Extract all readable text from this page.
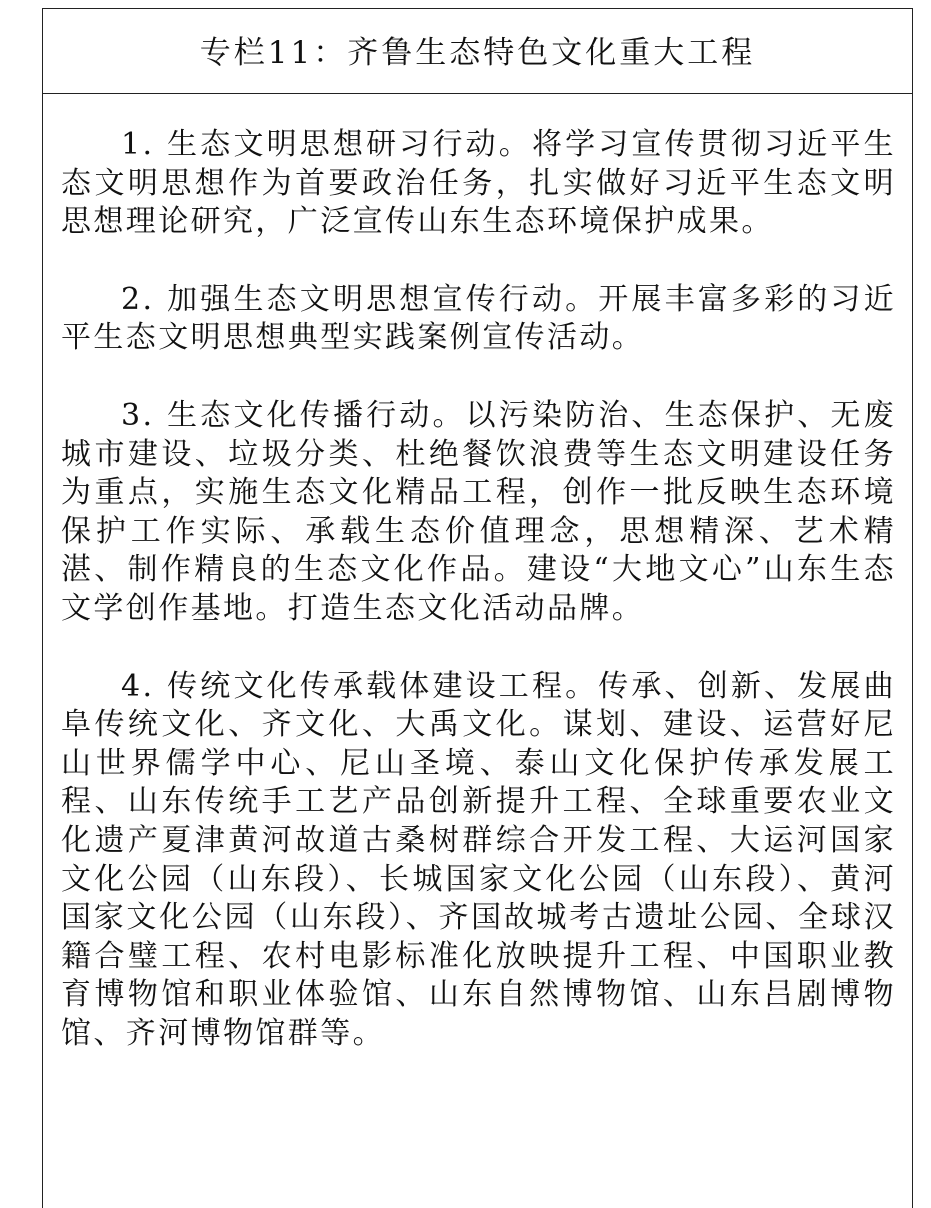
专栏11：齐鲁生态特色文化重大工程

1. 生态文明思想研习行动。将学习宣传贯彻习近平生态文明思想作为首要政治任务，扎实做好习近平生态文明思想理论研究，广泛宣传山东生态环境保护成果。

2. 加强生态文明思想宣传行动。开展丰富多彩的习近平生态文明思想典型实践案例宣传活动。

3. 生态文化传播行动。以污染防治、生态保护、无废城市建设、垃圾分类、杜绝餐饮浪费等生态文明建设任务为重点，实施生态文化精品工程，创作一批反映生态环境保护工作实际、承载生态价值理念，思想精深、艺术精湛、制作精良的生态文化作品。建设“大地文心”山东生态文学创作基地。打造生态文化活动品牌。

4. 传统文化传承载体建设工程。传承、创新、发展曲阜传统文化、齐文化、大禹文化。谋划、建设、运营好尼山世界儒学中心、尼山圣境、泰山文化保护传承发展工程、山东传统手工艺产品创新提升工程、全球重要农业文化遗产夏津黄河故道古桑树群综合开发工程、大运河国家文化公园（山东段）、长城国家文化公园（山东段）、黄河国家文化公园（山东段）、齐国故城考古遗址公园、全球汉籍合璧工程、农村电影标准化放映提升工程、中国职业教育博物馆和职业体验馆、山东自然博物馆、山东吕剧博物馆、齐河博物馆群等。
